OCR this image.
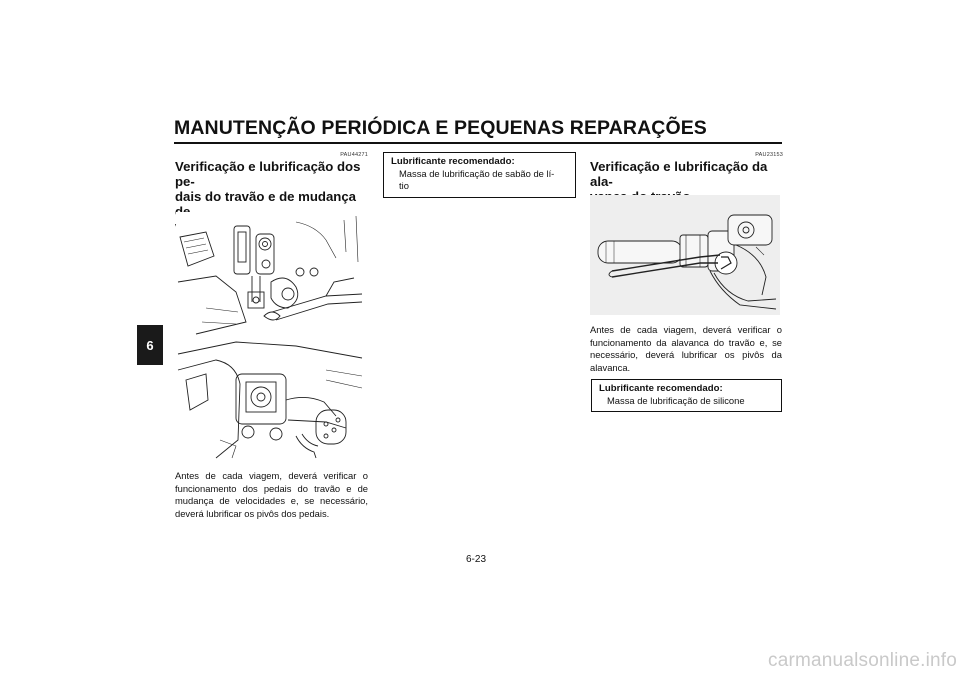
MANUTENÇÃO PERIÓDICA E PEQUENAS REPARAÇÕES
6
PAU44271
Verificação e lubrificação dos pe-
dais do travão e de mudança
Antes de cada viagem, deverá verificar o funcionamento dos pedais do travão e de mudança de velocidades e, se necessário, deverá lubrificar os pivôs dos pedais.
Lubrificante recomendado:
Massa de lubrificação de sabão de lí-
tio
PAU23153
Verificação e lubrificação da ala-
Antes de cada viagem, deverá verificar o funcionamento da alavanca do travão e, se necessário, deverá lubrificar os pivôs da alavanca.
Lubrificante recomendado:
Massa de lubrificação de silicone
6-23
carmanualsonline.info
